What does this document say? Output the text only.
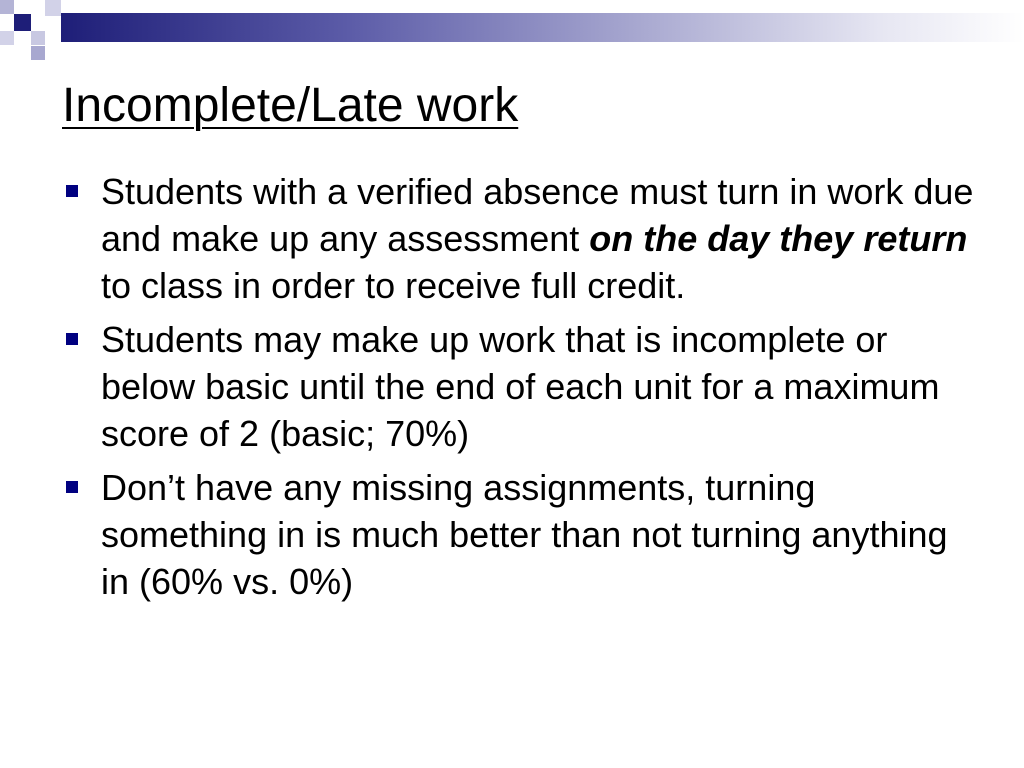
Incomplete/Late work
Students with a verified absence must turn in work due and make up any assessment on the day they return to class in order to receive full credit.
Students may make up work that is incomplete or below basic until the end of each unit for a maximum score of 2 (basic; 70%)
Don’t have any missing assignments, turning something in is much better than not turning anything in (60% vs. 0%)
